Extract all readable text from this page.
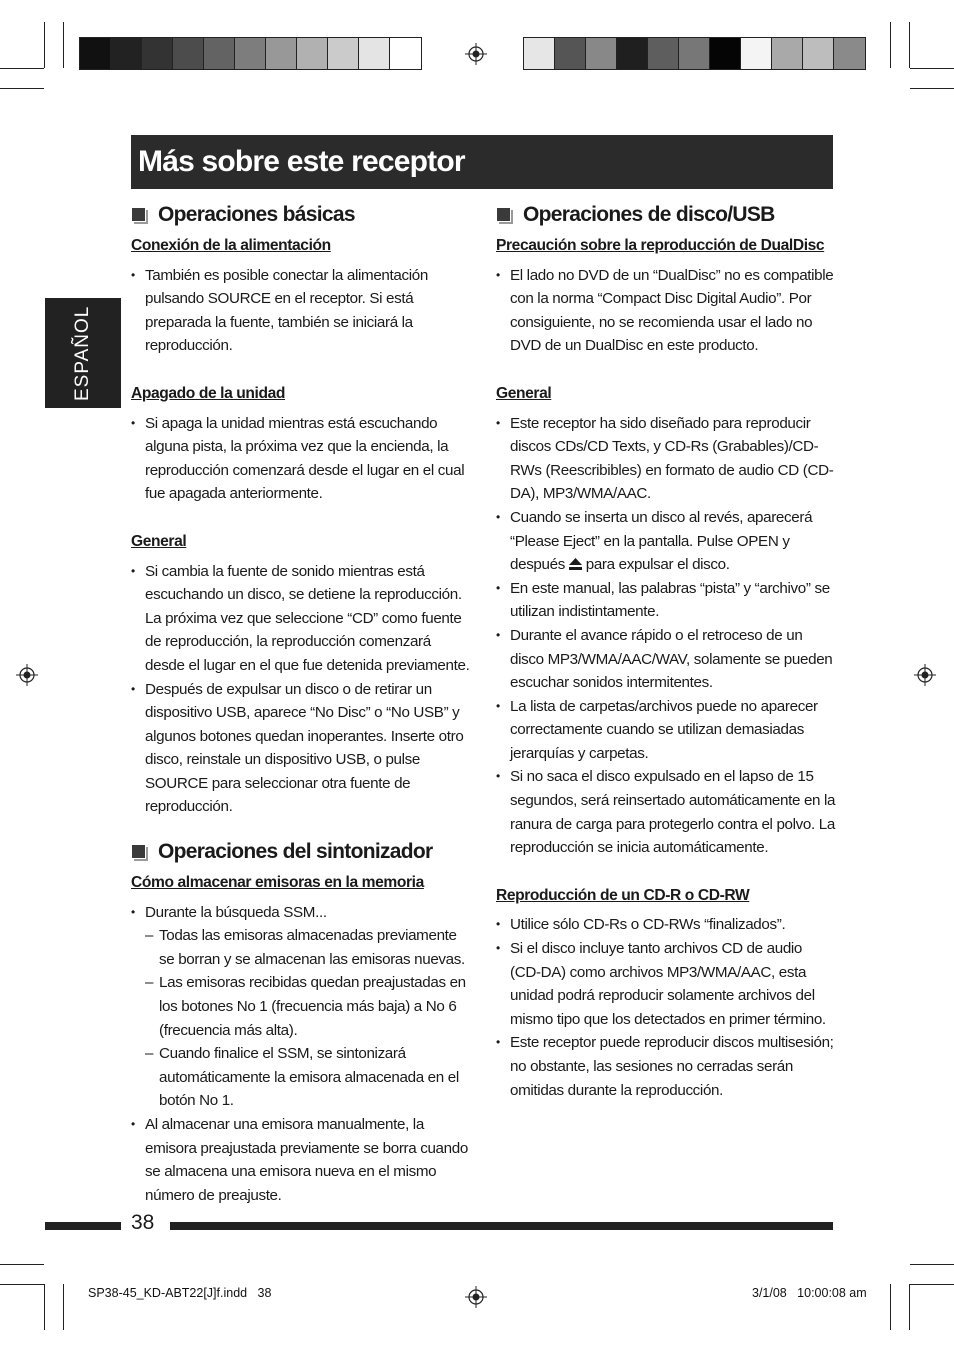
Más sobre este receptor
ESPAÑOL
Operaciones básicas
Conexión de la alimentación
• También es posible conectar la alimentación pulsando SOURCE en el receptor. Si está preparada la fuente, también se iniciará la reproducción.
Apagado de la unidad
• Si apaga la unidad mientras está escuchando alguna pista, la próxima vez que la encienda, la reproducción comenzará desde el lugar en el cual fue apagada anteriormente.
General
• Si cambia la fuente de sonido mientras está escuchando un disco, se detiene la reproducción.
La próxima vez que seleccione “CD” como fuente de reproducción, la reproducción comenzará desde el lugar en el que fue detenida previamente.
• Después de expulsar un disco o de retirar un dispositivo USB, aparece “No Disc” o “No USB” y algunos botones quedan inoperantes. Inserte otro disco, reinstale un dispositivo USB, o pulse SOURCE para seleccionar otra fuente de reproducción.
Operaciones del sintonizador
Cómo almacenar emisoras en la memoria
• Durante la búsqueda SSM...
– Todas las emisoras almacenadas previamente se borran y se almacenan las emisoras nuevas.
– Las emisoras recibidas quedan preajustadas en los botones No 1 (frecuencia más baja) a No 6 (frecuencia más alta).
– Cuando finalice el SSM, se sintonizará automáticamente la emisora almacenada en el botón No 1.
• Al almacenar una emisora manualmente, la emisora preajustada previamente se borra cuando se almacena una emisora nueva en el mismo número de preajuste.
Operaciones de disco/USB
Precaución sobre la reproducción de DualDisc
• El lado no DVD de un “DualDisc” no es compatible con la norma “Compact Disc Digital Audio”. Por consiguiente, no se recomienda usar el lado no DVD de un DualDisc en este producto.
General
• Este receptor ha sido diseñado para reproducir discos CDs/CD Texts, y CD-Rs (Grabables)/CD-RWs (Reescribibles) en formato de audio CD (CD-DA), MP3/WMA/AAC.
• Cuando se inserta un disco al revés, aparecerá “Please Eject” en la pantalla. Pulse OPEN y después para expulsar el disco.
• En este manual, las palabras “pista” y “archivo” se utilizan indistintamente.
• Durante el avance rápido o el retroceso de un disco MP3/WMA/AAC/WAV, solamente se pueden escuchar sonidos intermitentes.
• La lista de carpetas/archivos puede no aparecer correctamente cuando se utilizan demasiadas jerarquías y carpetas.
• Si no saca el disco expulsado en el lapso de 15 segundos, será reinsertado automáticamente en la ranura de carga para protegerlo contra el polvo. La reproducción se inicia automáticamente.
Reproducción de un CD-R o CD-RW
• Utilice sólo CD-Rs o CD-RWs “finalizados”.
• Si el disco incluye tanto archivos CD de audio (CD-DA) como archivos MP3/WMA/AAC, esta unidad podrá reproducir solamente archivos del mismo tipo que los detectados en primer término.
• Este receptor puede reproducir discos multisesión; no obstante, las sesiones no cerradas serán omitidas durante la reproducción.
38
SP38-45_KD-ABT22[J]f.indd   38	3/1/08   10:00:08 am
